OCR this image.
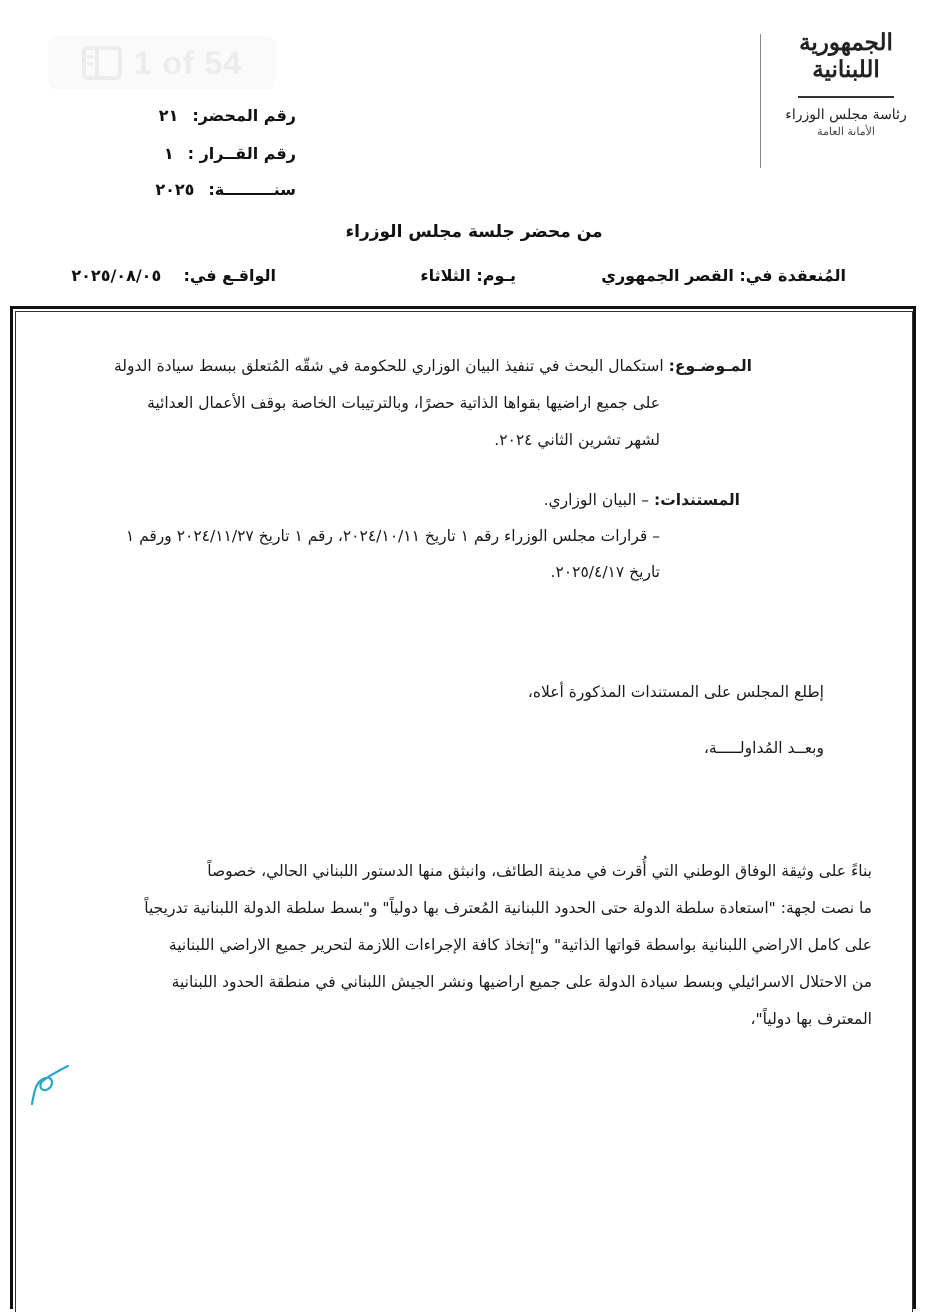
1 of 54
الجمهورية
اللبنانية
رئاسة مجلس الوزراء
الأمانة العامة
رقم المحضر:٢١
رقم القــرار :١
سنـــــــــة:٢٠٢٥
من محضر جلسة مجلس الوزراء
المُنعقدة في: القصر الجمهوري
يـوم: الثلاثاء
الواقـع في:    ٢٠٢٥/٠٨/٠٥
المـوضـوع: استكمال البحث في تنفيذ البيان الوزاري للحكومة في شقّه المُتعلق ببسط سيادة الدولة
على جميع اراضيها بقواها الذاتية حصرًا، وبالترتيبات الخاصة بوقف الأعمال العدائية
لشهر تشرين الثاني ٢٠٢٤.
المستندات: – البيان الوزاري.
– قرارات مجلس الوزراء رقم ١ تاريخ ٢٠٢٤/١٠/١١، رقم ١ تاريخ ٢٠٢٤/١١/٢٧ ورقم ١
تاريخ ٢٠٢٥/٤/١٧.
إطلع المجلس على المستندات المذكورة أعلاه،
وبعــد المُداولـــــة،
بناءً على وثيقة الوفاق الوطني التي أُقرت في مدينة الطائف، وانبثق منها الدستور اللبناني الحالي، خصوصاً
ما نصت لجهة: "استعادة سلطة الدولة حتى الحدود اللبنانية المُعترف بها دولياً" و"بسط سلطة الدولة اللبنانية تدريجياً
على كامل الاراضي اللبنانية بواسطة قواتها الذاتية" و"إتخاذ كافة الإجراءات اللازمة لتحرير جميع الاراضي اللبنانية
من الاحتلال الاسرائيلي وبسط سيادة الدولة على جميع اراضيها ونشر الجيش اللبناني في منطقة الحدود اللبنانية
المعترف بها دولياً"،
